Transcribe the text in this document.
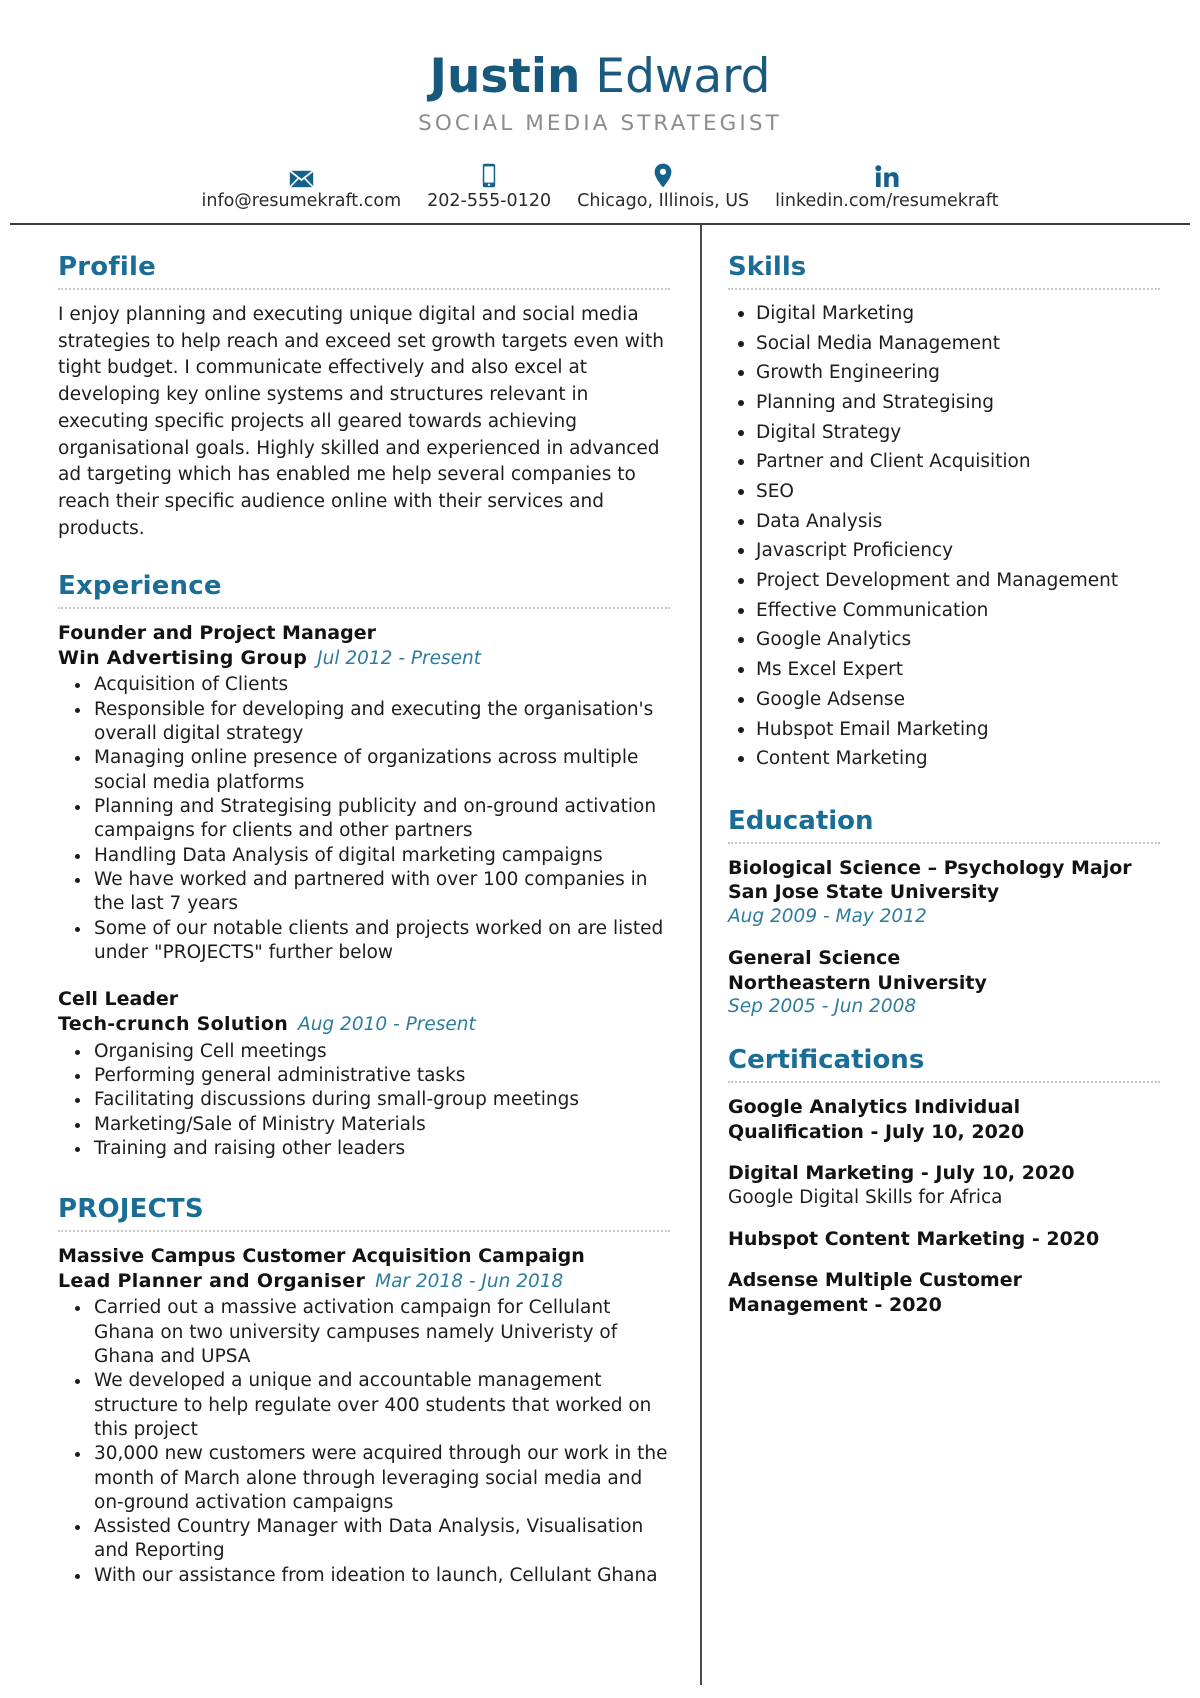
Justin Edward
SOCIAL MEDIA STRATEGIST
info@resumekraft.com 202-555-0120 Chicago, Illinois, US linkedin.com/resumekraft
Profile
I enjoy planning and executing unique digital and social media strategies to help reach and exceed set growth targets even with tight budget. I communicate effectively and also excel at developing key online systems and structures relevant in executing specific projects all geared towards achieving organisational goals. Highly skilled and experienced in advanced ad targeting which has enabled me help several companies to reach their specific audience online with their services and products.
Experience
Founder and Project Manager
Win Advertising Group Jul 2012 - Present
Acquisition of Clients
Responsible for developing and executing the organisation's overall digital strategy
Managing online presence of organizations across multiple social media platforms
Planning and Strategising publicity and on-ground activation campaigns for clients and other partners
Handling Data Analysis of digital marketing campaigns
We have worked and partnered with over 100 companies in the last 7 years
Some of our notable clients and projects worked on are listed under "PROJECTS" further below
Cell Leader
Tech-crunch Solution Aug 2010 - Present
Organising Cell meetings
Performing general administrative tasks
Facilitating discussions during small-group meetings
Marketing/Sale of Ministry Materials
Training and raising other leaders
PROJECTS
Massive Campus Customer Acquisition Campaign
Lead Planner and Organiser Mar 2018 - Jun 2018
Carried out a massive activation campaign for Cellulant Ghana on two university campuses namely Univeristy of Ghana and UPSA
We developed a unique and accountable management structure to help regulate over 400 students that worked on this project
30,000 new customers were acquired through our work in the month of March alone through leveraging social media and on-ground activation campaigns
Assisted Country Manager with Data Analysis, Visualisation and Reporting
With our assistance from ideation to launch, Cellulant Ghana
Skills
Digital Marketing
Social Media Management
Growth Engineering
Planning and Strategising
Digital Strategy
Partner and Client Acquisition
SEO
Data Analysis
Javascript Proficiency
Project Development and Management
Effective Communication
Google Analytics
Ms Excel Expert
Google Adsense
Hubspot Email Marketing
Content Marketing
Education
Biological Science – Psychology Major
San Jose State University
Aug 2009 - May 2012
General Science
Northeastern University
Sep 2005 - Jun 2008
Certifications
Google Analytics Individual Qualification - July 10, 2020
Digital Marketing - July 10, 2020
Google Digital Skills for Africa
Hubspot Content Marketing - 2020
Adsense Multiple Customer Management - 2020
